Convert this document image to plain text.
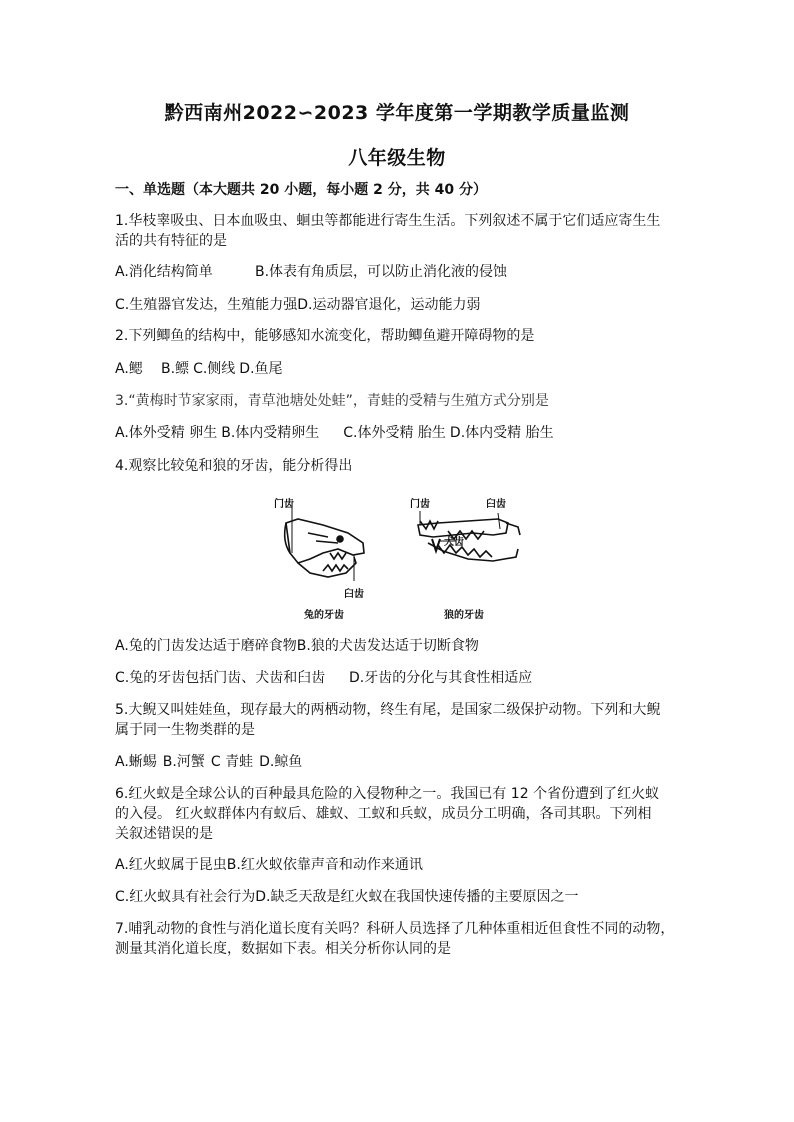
黔西南州2022∽2023 学年度第一学期教学质量监测
八年级生物
一、单选题（本大题共 20 小题，每小题 2 分，共 40 分）
1.华枝睾吸虫、日本血吸虫、蛔虫等都能进行寄生生活。下列叙述不属于它们适应寄生生
活的共有特征的是
A.消化结构简单	B.体表有角质层，可以防止消化液的侵蚀
C.生殖器官发达，生殖能力强D.运动器官退化，运动能力弱
2.下列鲫鱼的结构中，能够感知水流变化，帮助鲫鱼避开障碍物的是
A.鳃 B.鳔 C.侧线 D.鱼尾
3.“黄梅时节家家雨，青草池塘处处蛙”，青蛙的受精与生殖方式分别是
A.体外受精 卵生 B.体内受精卵生 C.体外受精 胎生 D.体内受精 胎生
4.观察比较兔和狼的牙齿，能分析得出
门齿
臼齿
兔的牙齿
门齿	臼齿
犬齿
狼的牙齿
A.兔的门齿发达适于磨碎食物B.狼的犬齿发达适于切断食物
C.兔的牙齿包括门齿、犬齿和臼齿 D.牙齿的分化与其食性相适应
5.大鲵又叫娃娃鱼，现存最大的两栖动物，终生有尾，是国家二级保护动物。下列和大鲵
属于同一生物类群的是
A.蜥蜴 B.河蟹 C 青蛙 D.鲸鱼
6.红火蚁是全球公认的百种最具危险的入侵物种之一。我国已有 12 个省份遭到了红火蚁
的入侵。 红火蚁群体内有蚁后、雄蚁、工蚁和兵蚁，成员分工明确，各司其职。下列相
关叙述错误的是
A.红火蚁属于昆虫B.红火蚁依靠声音和动作来通讯
C.红火蚁具有社会行为D.缺乏天敌是红火蚁在我国快速传播的主要原因之一
7.哺乳动物的食性与消化道长度有关吗？科研人员选择了几种体重相近但食性不同的动物，
测量其消化道长度，数据如下表。相关分析你认同的是
